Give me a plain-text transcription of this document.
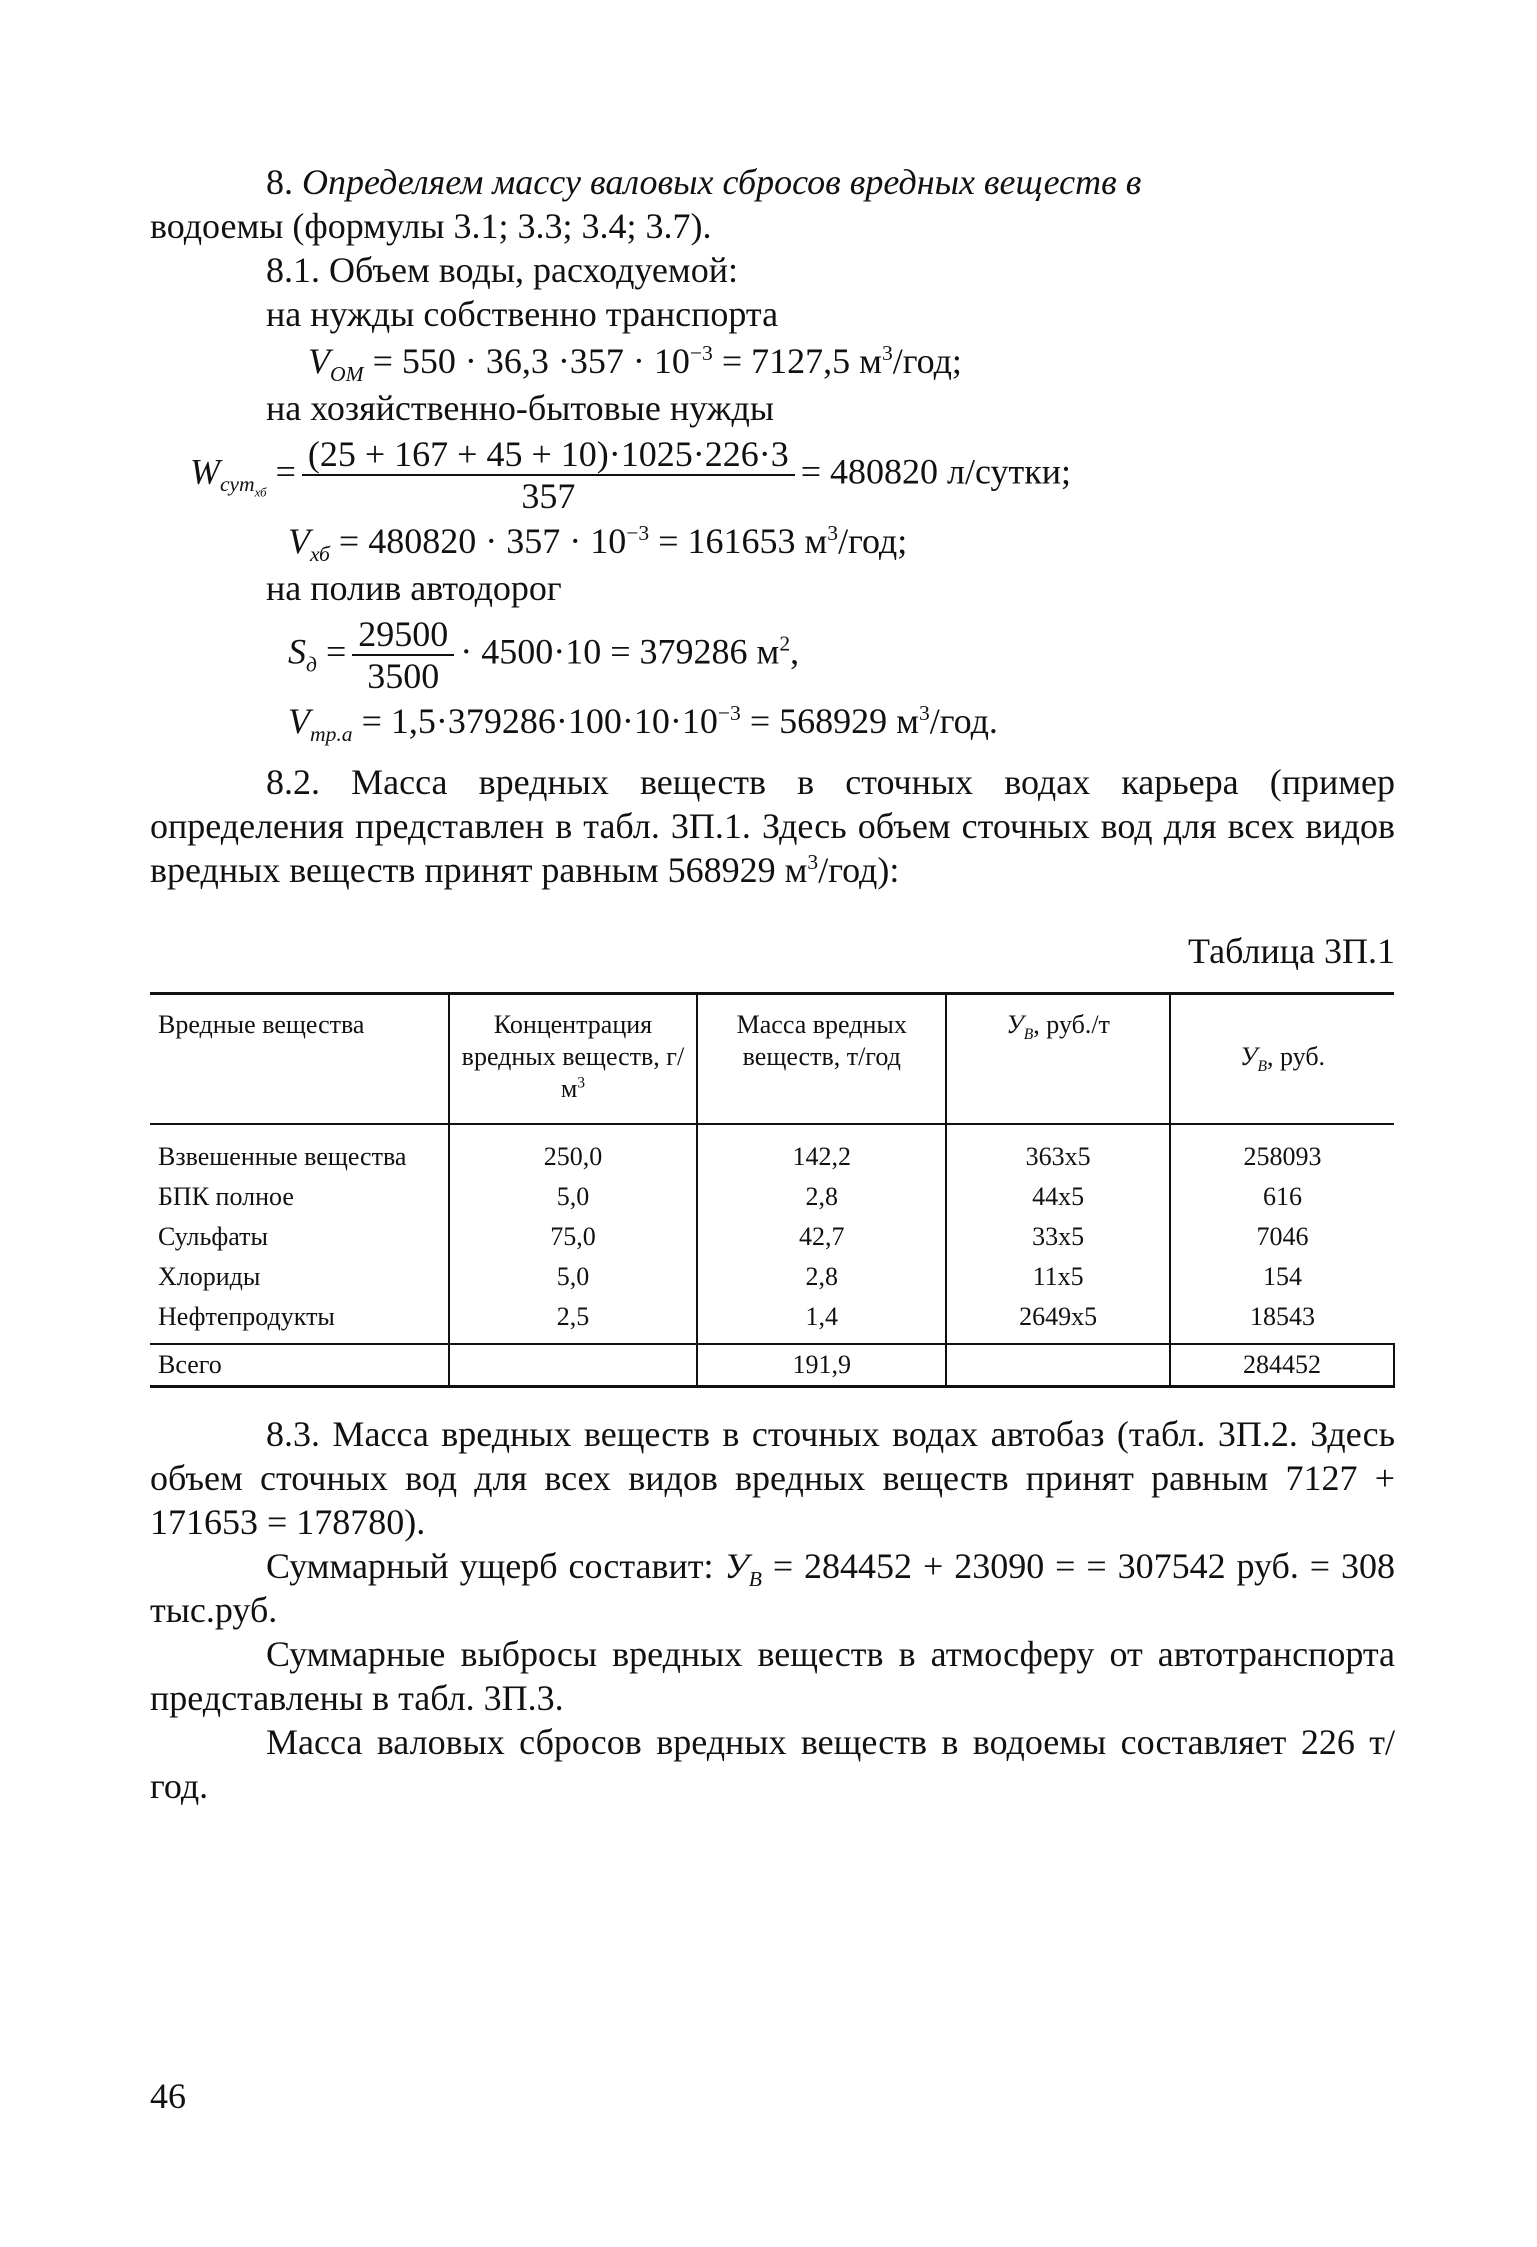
8. Определяем массу валовых сбросов вредных веществ в

водоемы (формулы 3.1; 3.3; 3.4; 3.7).

8.1. Объем воды, расходуемой:

на нужды собственно транспорта

$V_{ОМ} = 550 \cdot 36,3 \cdot 357 \cdot 10^{-3} = 7127,5$ $м^3$/год;

на хозяйственно-бытовые нужды

$W_{сут_{хб}} = \frac{(25 + 167 + 45 + 10)\cdot 1025\cdot 226\cdot 3}{357} = 480820$ л/сутки;

$V_{хб} = 480820 \cdot 357 \cdot 10^{-3} = 161653$ $м^3$/год;

на полив автодорог

$S_д = \frac{29500}{3500} \cdot 4500\cdot 10 = 379286$ $м^2$,

$V_{тр.а} = 1,5\cdot 379286\cdot 100\cdot 10\cdot 10^{-3} = 568929$ $м^3$/год.

8.2. Масса вредных веществ в сточных водах карьера (пример определения представлен в табл. 3П.1. Здесь объем сточных вод для всех видов вредных веществ принят равным 568929 $м^3/год$):

Таблица 3П.1

Вредные вещества	Концентрация вредных веществ, $г/м^3$	Масса вредных веществ, т/год	$У_В$, руб./т	$У_В$, руб.
Взвешенные вещества	250,0	142,2	363x5	258093
БПК полное	5,0	2,8	44x5	616
Сульфаты	75,0	42,7	33x5	7046
Хлориды	5,0	2,8	11x5	154
Нефтепродукты	2,5	1,4	2649x5	18543
Всего		191,9		284452

8.3. Масса вредных веществ в сточных водах автобаз (табл. 3П.2. Здесь объем сточных вод для всех видов вредных веществ принят равным 7127 + 171653 = 178780).

Суммарный ущерб составит: $У_В = 284452 + 23090$ = = 307542 руб. = 308 тыс.руб.

Суммарные выбросы вредных веществ в атмосферу от автотранспорта представлены в табл. 3П.3.

Масса валовых сбросов вредных веществ в водоемы составляет 226 т/год.

46
